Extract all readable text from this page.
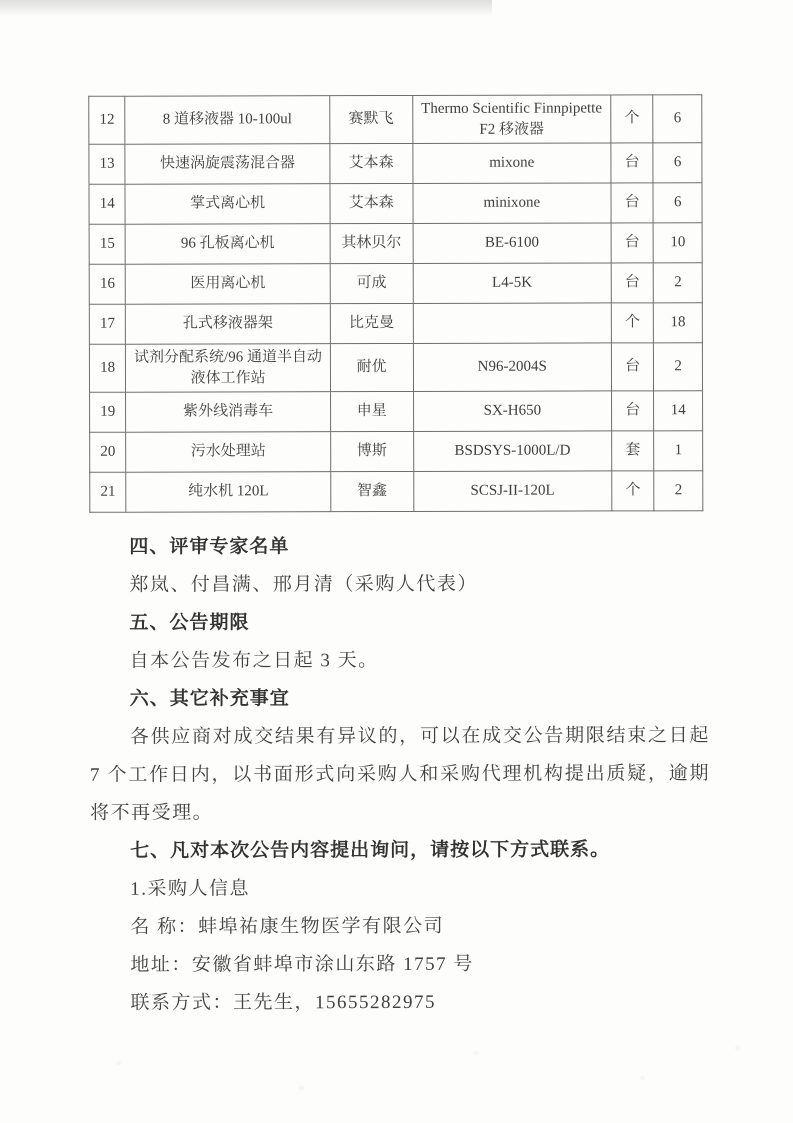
12	8 道移液器 10-100ul	赛默飞	Thermo Scientific Finnpipette F2 移液器	个	6
13	快速涡旋震荡混合器	艾本森	mixone	台	6
14	掌式离心机	艾本森	minixone	台	6
15	96 孔板离心机	其林贝尔	BE-6100	台	10
16	医用离心机	可成	L4-5K	台	2
17	孔式移液器架	比克曼		个	18
18	试剂分配系统/96 通道半自动液体工作站	耐优	N96-2004S	台	2
19	紫外线消毒车	申星	SX-H650	台	14
20	污水处理站	博斯	BSDSYS-1000L/D	套	1
21	纯水机 120L	智鑫	SCSJ-II-120L	个	2

四、评审专家名单

郑岚、付昌满、邢月清（采购人代表）

五、公告期限

自本公告发布之日起 3 天。

六、其它补充事宜

各供应商对成交结果有异议的，可以在成交公告期限结束之日起 7 个工作日内，以书面形式向采购人和采购代理机构提出质疑，逾期将不再受理。

七、凡对本次公告内容提出询问，请按以下方式联系。

1.采购人信息

名 称：蚌埠祐康生物医学有限公司

地址：安徽省蚌埠市涂山东路 1757 号

联系方式：王先生，15655282975
